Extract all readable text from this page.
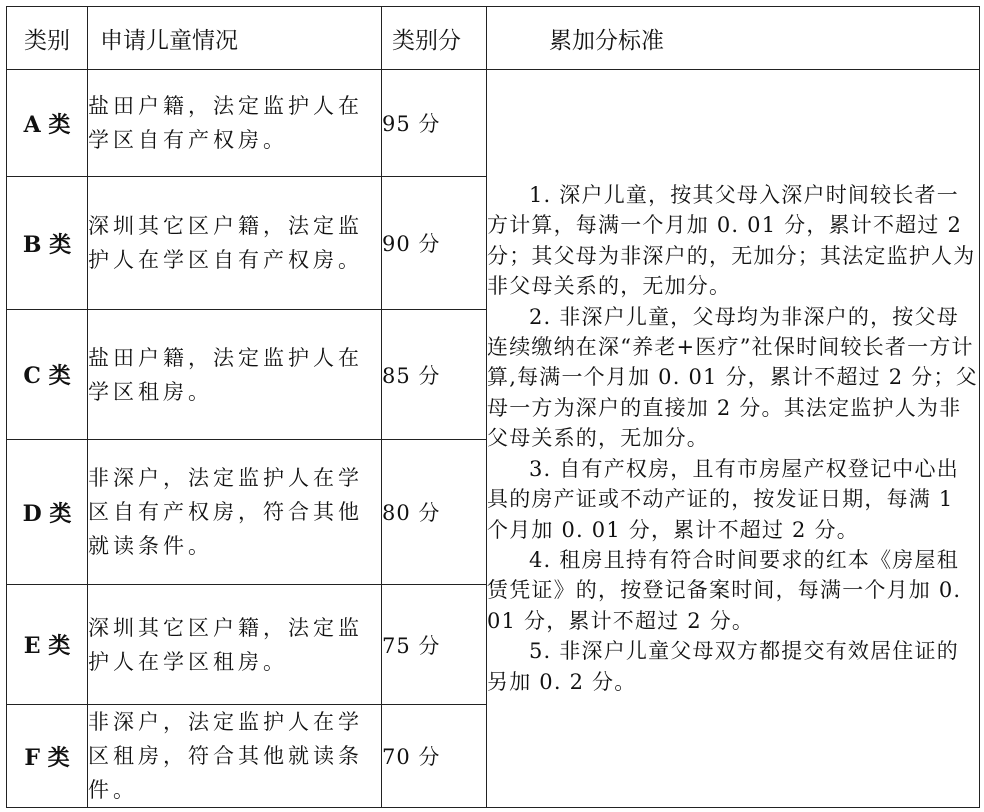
类别	申请儿童情况	类别分	累加分标准
A 类	盐田户籍，法定监护人在学区自有产权房。	95 分	1. 深户儿童，按其父母入深户时间较长者一方计算，每满一个月加 0. 01 分，累计不超过 2 分；其父母为非深户的，无加分；其法定监护人为非父母关系的，无加分。

2. 非深户儿童，父母均为非深户的，按父母连续缴纳在深“养老+医疗”社保时间较长者一方计算,每满一个月加 0. 01 分，累计不超过 2 分；父母一方为深户的直接加 2 分。其法定监护人为非父母关系的，无加分。

3. 自有产权房，且有市房屋产权登记中心出具的房产证或不动产证的，按发证日期，每满 1 个月加 0. 01 分，累计不超过 2 分。

4. 租房且持有符合时间要求的红本《房屋租赁凭证》的，按登记备案时间，每满一个月加 0. 01 分，累计不超过 2 分。

5. 非深户儿童父母双方都提交有效居住证的另加 0. 2 分。

B 类	深圳其它区户籍，法定监护人在学区自有产权房。	90 分	
C 类	盐田户籍，法定监护人在学区租房。	85 分	
D 类	非深户，法定监护人在学区自有产权房，符合其他就读条件。	80 分	
E 类	深圳其它区户籍，法定监护人在学区租房。	75 分	
F 类	非深户，法定监护人在学区租房，符合其他就读条件。	70 分	
